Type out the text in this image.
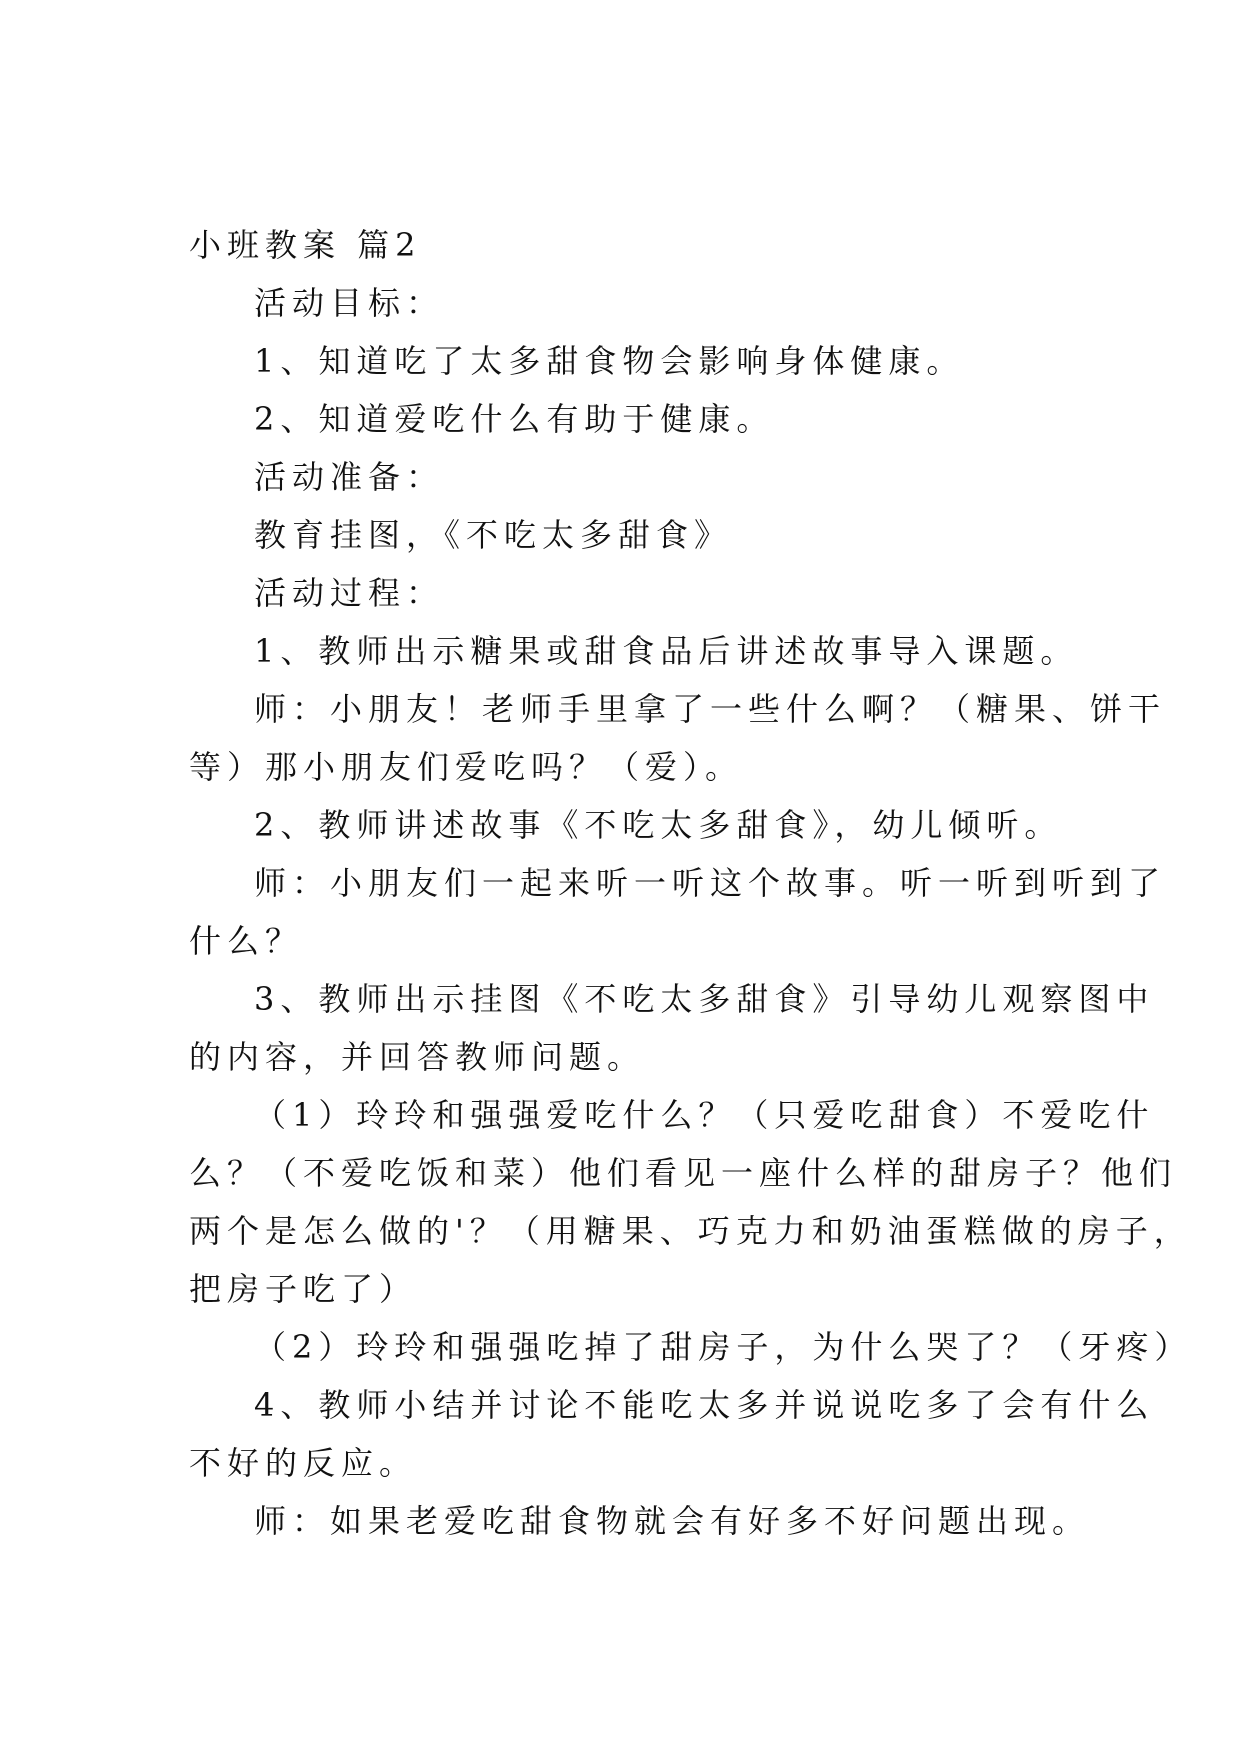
小班教案 篇2
活动目标：
1、知道吃了太多甜食物会影响身体健康。
2、知道爱吃什么有助于健康。
活动准备：
教育挂图，《不吃太多甜食》
活动过程：
1、教师出示糖果或甜食品后讲述故事导入课题。
师：小朋友！老师手里拿了一些什么啊？（糖果、饼干
等）那小朋友们爱吃吗？（爱）。
2、教师讲述故事《不吃太多甜食》，幼儿倾听。
师：小朋友们一起来听一听这个故事。听一听到听到了
什么？
3、教师出示挂图《不吃太多甜食》引导幼儿观察图中
的内容，并回答教师问题。
（1）玲玲和强强爱吃什么？（只爱吃甜食）不爱吃什
么？（不爱吃饭和菜）他们看见一座什么样的甜房子？他们
两个是怎么做的'？（用糖果、巧克力和奶油蛋糕做的房子，
把房子吃了）
（2）玲玲和强强吃掉了甜房子，为什么哭了？（牙疼）
4、教师小结并讨论不能吃太多并说说吃多了会有什么
不好的反应。
师：如果老爱吃甜食物就会有好多不好问题出现。
